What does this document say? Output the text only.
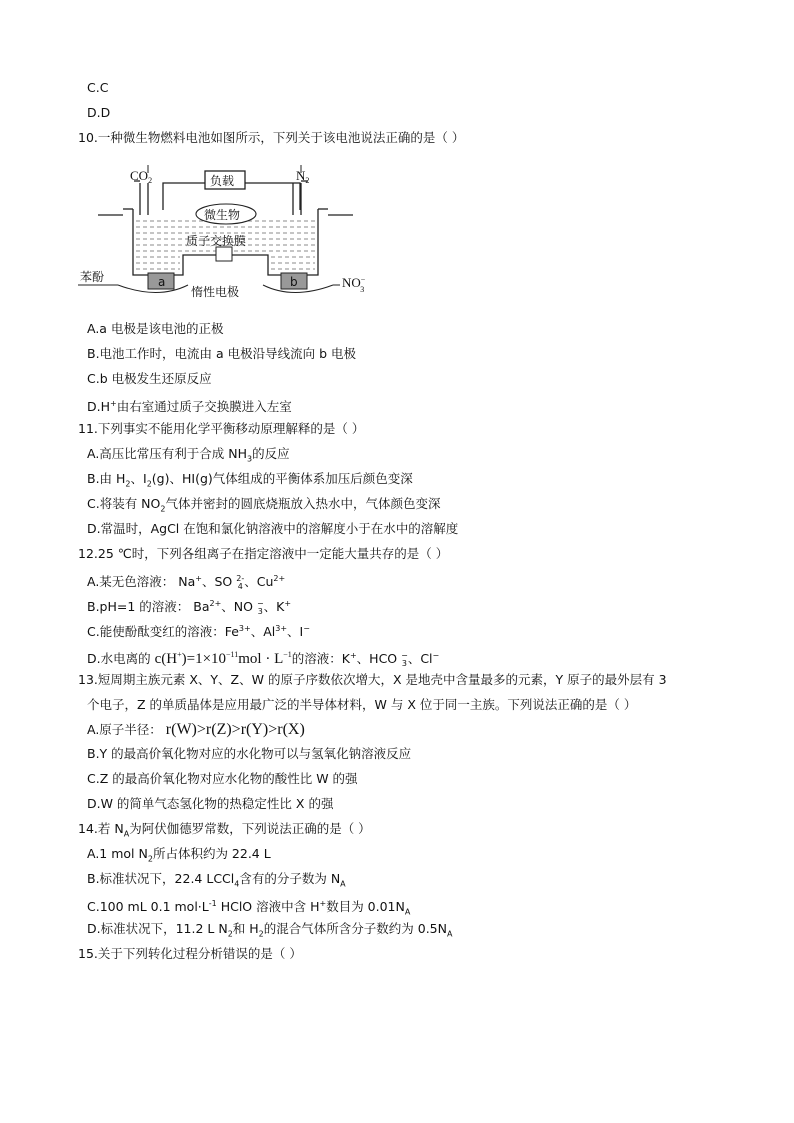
C.C
D.D
10.一种微生物燃料电池如图所示，下列关于该电池说法正确的是（ ）
$CO_2$	$N_2$
NO− 3
负载
微生物
质子交换膜
苯酚	a	b
惰性电极
A.a 电极是该电池的正极
B.电池工作时，电流由 a 电极沿导线流向 b 电极
C.b 电极发生还原反应
D.H+由右室通过质子交换膜进入左室
11.下列事实不能用化学平衡移动原理解释的是（ ）
A.高压比常压有利于合成 $NH_3$的反应
B.由 $H_2$、$I_2(g)$、HI(g)气体组成的平衡体系加压后颜色变深
C.将装有 $NO_2$气体并密封的圆底烧瓶放入热水中，气体颜色变深
D.常温时，AgCl 在饱和氯化钠溶液中的溶解度小于在水中的溶解度
12.25 ℃时，下列各组离子在指定溶液中一定能大量共存的是（ ）
A.某无色溶液： Na+、SO 2-
4 、$Cu^{2+}$
B.pH=1 的溶液： $Ba^{2+}$、NO −
3 、K+
C.能使酚酞变红的溶液：$Fe^{3+}$、$Al^{3+}$、I−
D.水电离的 $c(H^+)=1\times 10^{-11}mol \cdot L^{-1}$的溶液：K+、HCO −
3 、Cl−
13.短周期主族元素 X、Y、Z、W 的原子序数依次增大，X 是地壳中含量最多的元素，Y 原子的最外层有 3
个电子，Z 的单质晶体是应用最广泛的半导体材料，W 与 X 位于同一主族。下列说法正确的是（ ）
A.原子半径： r(W)>r(Z)>r(Y)>r(X)
B.Y 的最高价氧化物对应的水化物可以与氢氧化钠溶液反应
C.Z 的最高价氧化物对应水化物的酸性比 W 的强
D.W 的简单气态氢化物的热稳定性比 X 的强
14.若 $N_A$为阿伏伽德罗常数，下列说法正确的是（ ）
A.1 mol $N_2$所占体积约为 22.4 L
B.标准状况下，22.4 LCCl$_4$含有的分子数为 $N_A$
C.100 mL 0.1 $mol\cdot L^{-1}$ HClO 溶液中含 H+数目为 $0.01N_A$
D.标准状况下，11.2 L $N_2$和 $H_2$的混合气体所含分子数约为 $0.5N_A$
15.关于下列转化过程分析错误的是（ ）
